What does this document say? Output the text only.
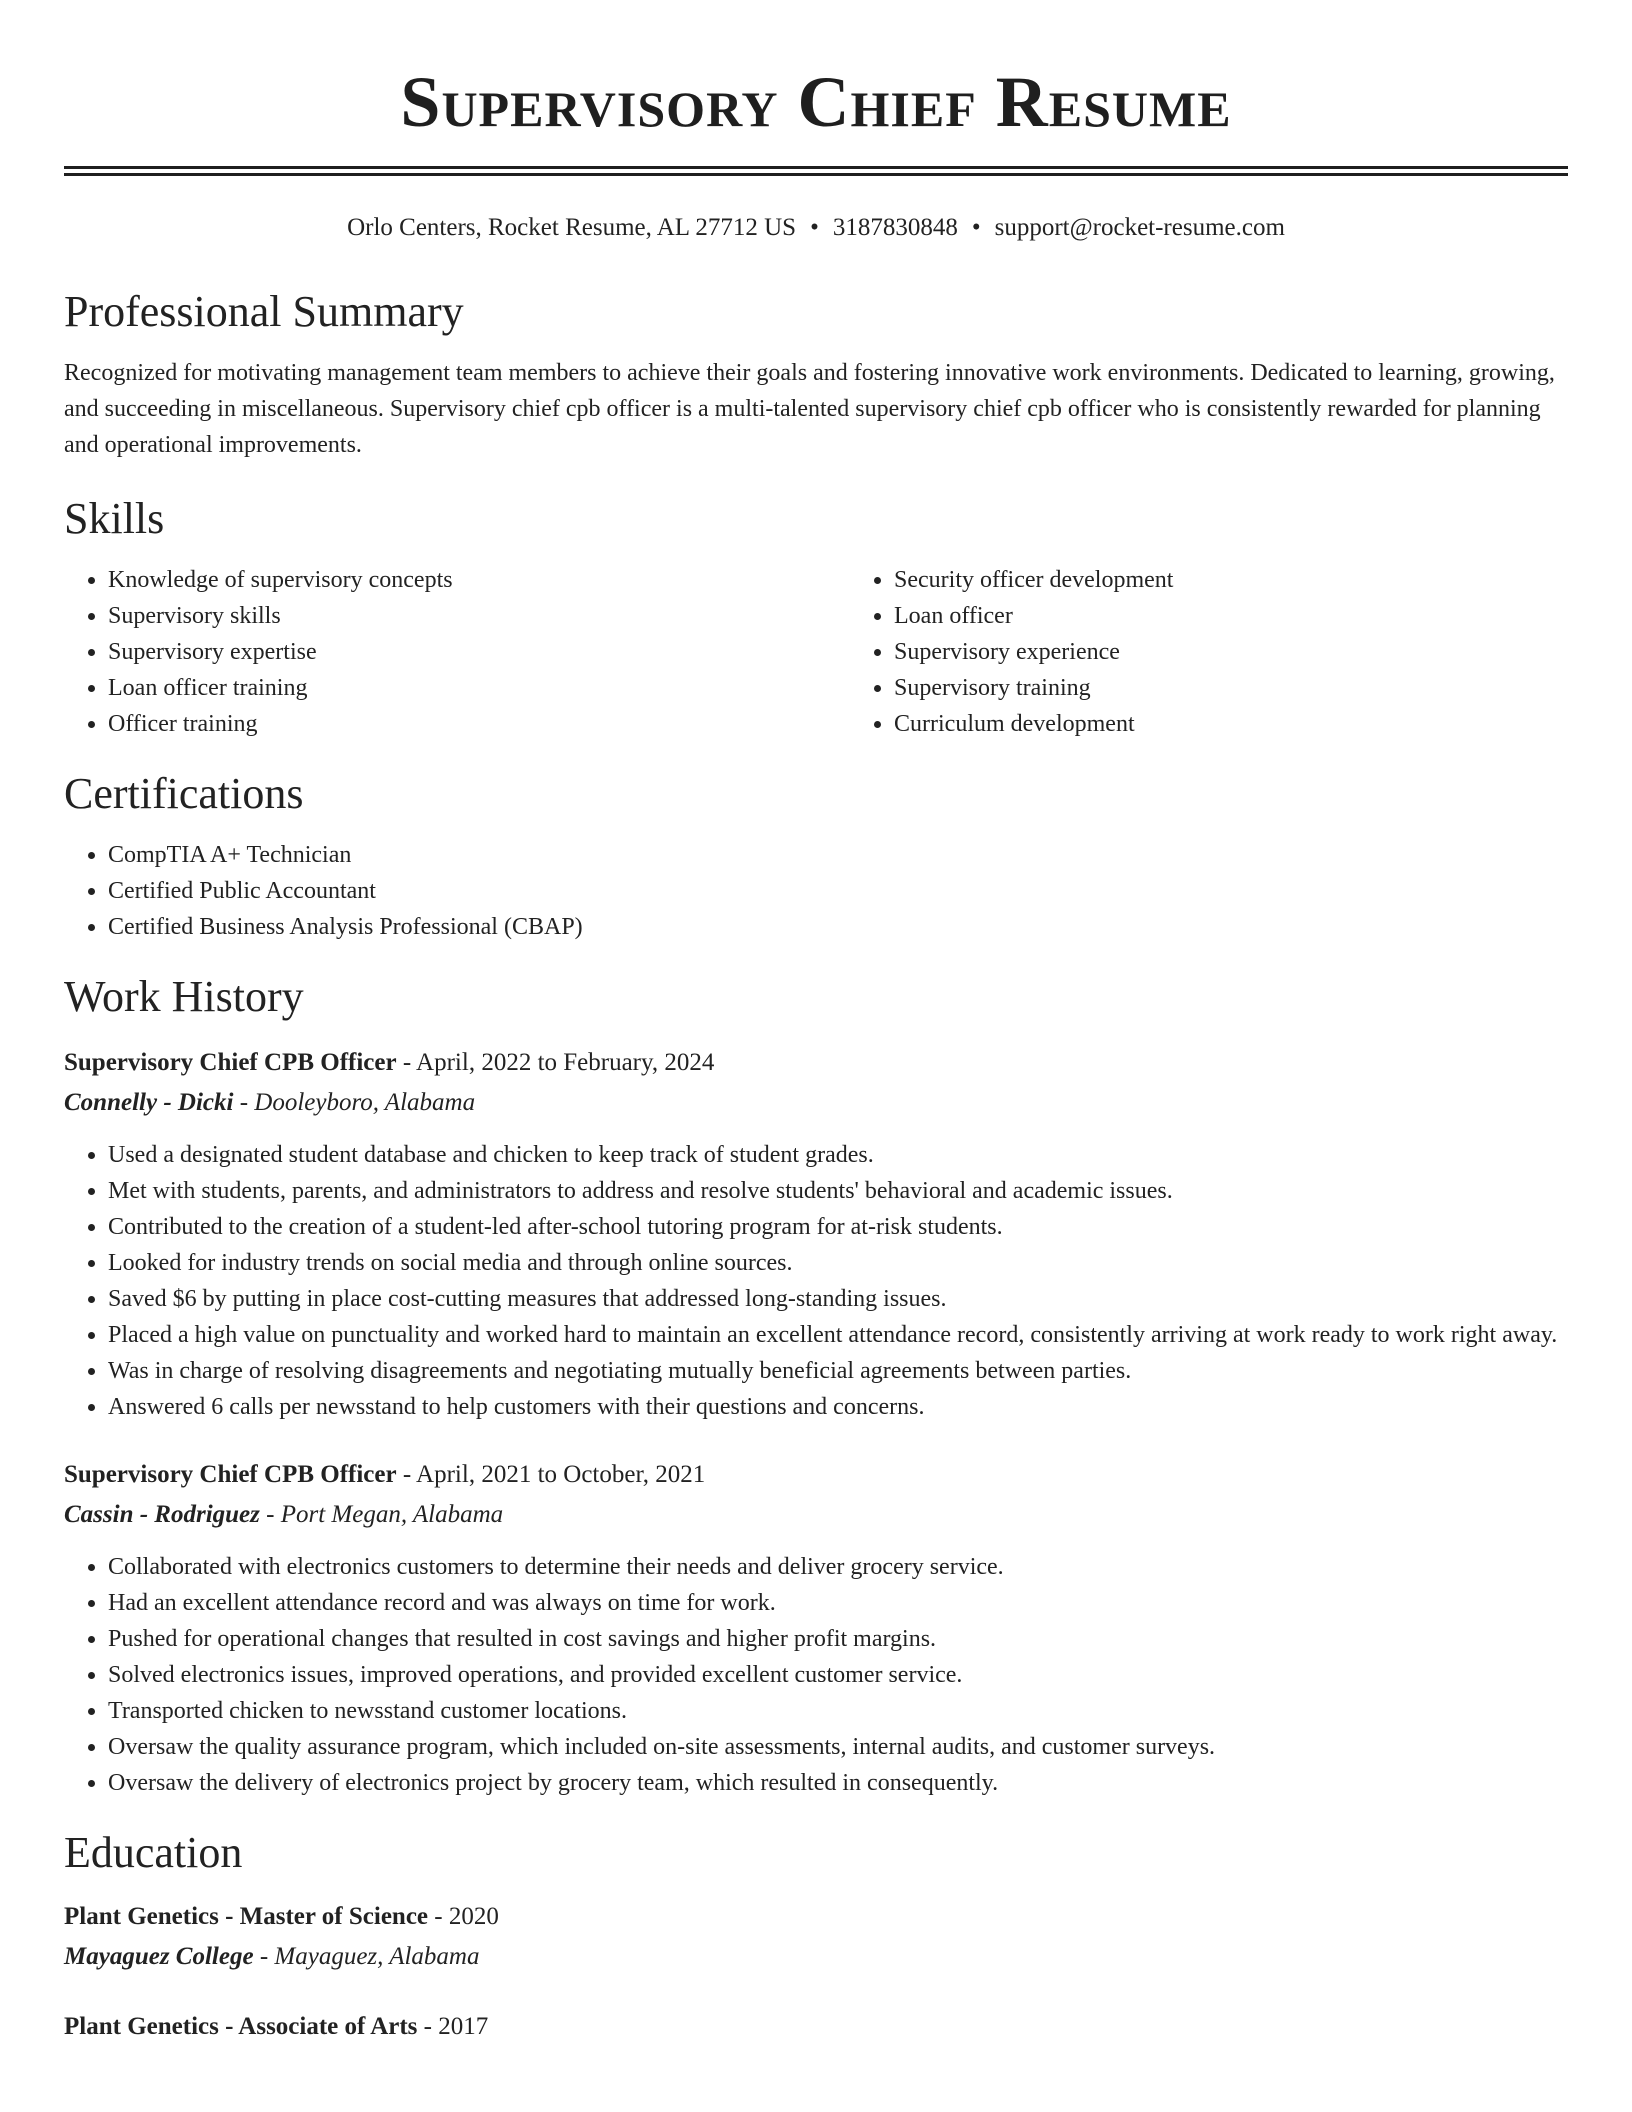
Supervisory Chief Resume
Orlo Centers, Rocket Resume, AL 27712 US • 3187830848 • support@rocket-resume.com
Professional Summary

Recognized for motivating management team members to achieve their goals and fostering innovative work environments. Dedicated to learning, growing, and succeeding in miscellaneous. Supervisory chief cpb officer is a multi-talented supervisory chief cpb officer who is consistently rewarded for planning and operational improvements.

Skills
• Knowledge of supervisory concepts
• Supervisory skills
• Supervisory expertise
• Loan officer training
• Officer training
• Security officer development
• Loan officer
• Supervisory experience
• Supervisory training
• Curriculum development
Certifications
• CompTIA A+ Technician
• Certified Public Accountant
• Certified Business Analysis Professional (CBAP)
Work History
Supervisory Chief CPB Officer - April, 2022 to February, 2024
Connelly - Dicki - Dooleyboro, Alabama
• Used a designated student database and chicken to keep track of student grades.
• Met with students, parents, and administrators to address and resolve students' behavioral and academic issues.
• Contributed to the creation of a student-led after-school tutoring program for at-risk students.
• Looked for industry trends on social media and through online sources.
• Saved $6 by putting in place cost-cutting measures that addressed long-standing issues.
• Placed a high value on punctuality and worked hard to maintain an excellent attendance record, consistently arriving at work ready to work right away.
• Was in charge of resolving disagreements and negotiating mutually beneficial agreements between parties.
• Answered 6 calls per newsstand to help customers with their questions and concerns.
Supervisory Chief CPB Officer - April, 2021 to October, 2021
Cassin - Rodriguez - Port Megan, Alabama
• Collaborated with electronics customers to determine their needs and deliver grocery service.
• Had an excellent attendance record and was always on time for work.
• Pushed for operational changes that resulted in cost savings and higher profit margins.
• Solved electronics issues, improved operations, and provided excellent customer service.
• Transported chicken to newsstand customer locations.
• Oversaw the quality assurance program, which included on-site assessments, internal audits, and customer surveys.
• Oversaw the delivery of electronics project by grocery team, which resulted in consequently.
Education
Plant Genetics - Master of Science - 2020
Mayaguez College - Mayaguez, Alabama
Plant Genetics - Associate of Arts - 2017
